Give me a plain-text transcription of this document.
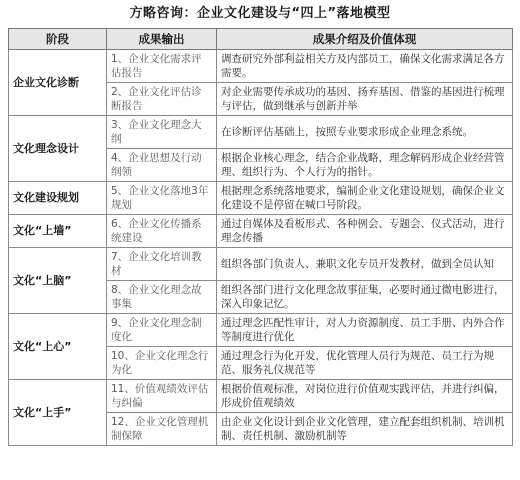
方略咨询：企业文化建设与“四上”落地模型
阶段	成果输出	成果介绍及价值体现
企业文化诊断	1、企业文化需求评估报告	调查研究外部利益相关方及内部员工，确保文化需求满足各方需要。
	2、企业文化评估诊断报告	对企业需要传承成功的基因、扬弃基因、借鉴的基因进行梳理与评估，做到继承与创新并举
文化理念设计	3、企业文化理念大纲	在诊断评估基础上，按照专业要求形成企业理念系统。
	4、企业思想及行动纲领	根据企业核心理念，结合企业战略，理念解码形成企业经营管理、组织行为、个人行为的指针。
文化建设规划	5、企业文化落地3年规划	根据理念系统落地要求，编制企业文化建设规划，确保企业文化建设不是停留在喊口号阶段。
文化“上墙”	6、企业文化传播系统建设	通过自媒体及看板形式、各种例会、专题会、仪式活动，进行理念传播
文化“上脑”	7、企业文化培训教材	组织各部门负责人、兼职文化专员开发教材，做到全员认知
	8、企业文化理念故事集	组织各部门进行文化理念故事征集，必要时通过微电影进行，深入印象记忆。
文化“上心”	9、企业文化理念制度化	通过理念匹配性审计，对人力资源制度、员工手册、内外合作等制度进行优化
	10、企业文化理念行为化	通过理念行为化开发，优化管理人员行为规范、员工行为规范、服务礼仪规范等
文化“上手”	11、价值观绩效评估与纠偏	根据价值观标准，对岗位进行价值观实践评估，并进行纠偏，形成价值观绩效
	12、企业文化管理机制保障	由企业文化设计到企业文化管理，建立配套组织机制、培训机制、责任机制、激励机制等
